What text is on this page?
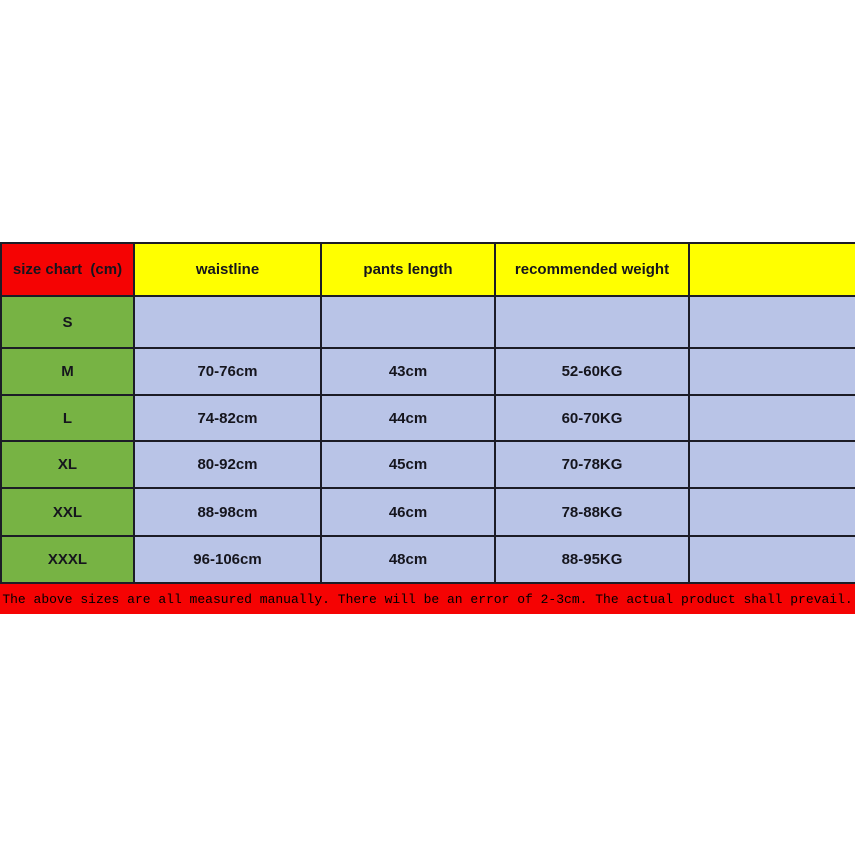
size chart  (cm)	waistline	pants length	recommended weight	
S				
M	70-76cm	43cm	52-60KG	
L	74-82cm	44cm	60-70KG	
XL	80-92cm	45cm	70-78KG	
XXL	88-98cm	46cm	78-88KG	
XXXL	96-106cm	48cm	88-95KG	
The above sizes are all measured manually. There will be an error of 2-3cm. The actual product shall prevail.
